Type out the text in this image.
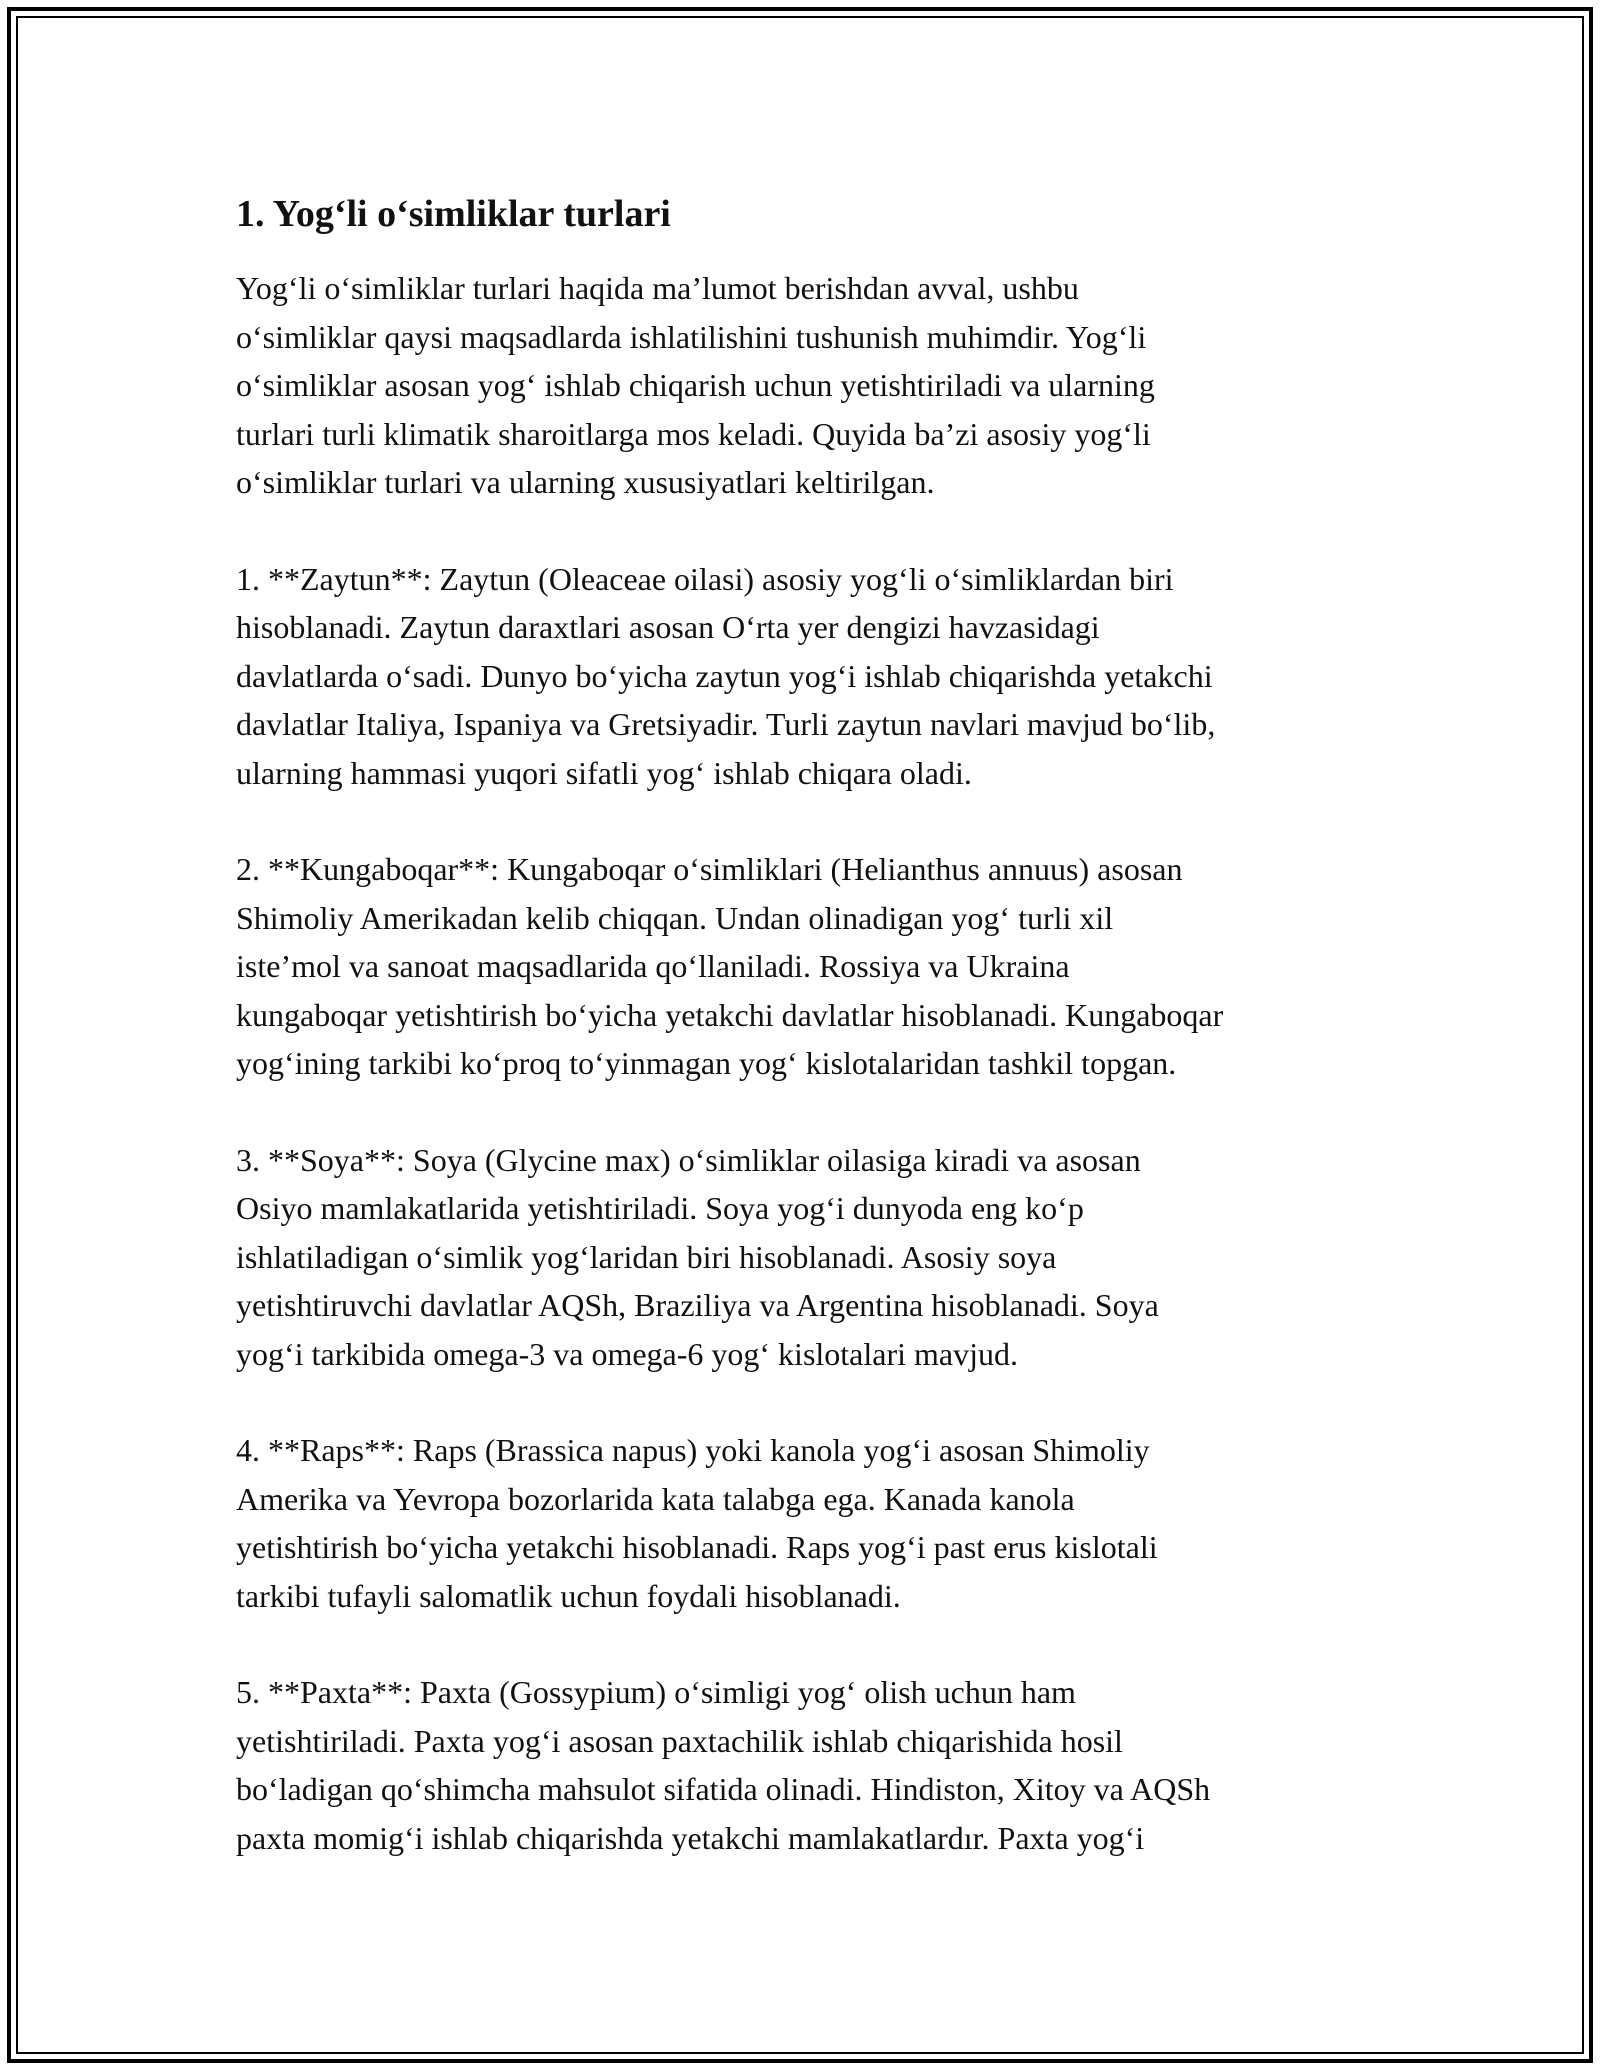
1. Yog‘li o‘simliklar turlari

Yog‘li o‘simliklar turlari haqida ma’lumot berishdan avval, ushbu
o‘simliklar qaysi maqsadlarda ishlatilishini tushunish muhimdir. Yog‘li
o‘simliklar asosan yog‘ ishlab chiqarish uchun yetishtiriladi va ularning
turlari turli klimatik sharoitlarga mos keladi. Quyida ba’zi asosiy yog‘li
o‘simliklar turlari va ularning xususiyatlari keltirilgan.

1. **Zaytun**: Zaytun (Oleaceae oilasi) asosiy yog‘li o‘simliklardan biri
hisoblanadi. Zaytun daraxtlari asosan O‘rta yer dengizi havzasidagi
davlatlarda o‘sadi. Dunyo bo‘yicha zaytun yog‘i ishlab chiqarishda yetakchi
davlatlar Italiya, Ispaniya va Gretsiyadir. Turli zaytun navlari mavjud bo‘lib,
ularning hammasi yuqori sifatli yog‘ ishlab chiqara oladi.

2. **Kungaboqar**: Kungaboqar o‘simliklari (Helianthus annuus) asosan
Shimoliy Amerikadan kelib chiqqan. Undan olinadigan yog‘ turli xil
iste’mol va sanoat maqsadlarida qo‘llaniladi. Rossiya va Ukraina
kungaboqar yetishtirish bo‘yicha yetakchi davlatlar hisoblanadi. Kungaboqar
yog‘ining tarkibi ko‘proq to‘yinmagan yog‘ kislotalaridan tashkil topgan.

3. **Soya**: Soya (Glycine max) o‘simliklar oilasiga kiradi va asosan
Osiyo mamlakatlarida yetishtiriladi. Soya yog‘i dunyoda eng ko‘p
ishlatiladigan o‘simlik yog‘laridan biri hisoblanadi. Asosiy soya
yetishtiruvchi davlatlar AQSh, Braziliya va Argentina hisoblanadi. Soya
yog‘i tarkibida omega-3 va omega-6 yog‘ kislotalari mavjud.

4. **Raps**: Raps (Brassica napus) yoki kanola yog‘i asosan Shimoliy
Amerika va Yevropa bozorlarida kata talabga ega. Kanada kanola
yetishtirish bo‘yicha yetakchi hisoblanadi. Raps yog‘i past erus kislotali
tarkibi tufayli salomatlik uchun foydali hisoblanadi.

5. **Paxta**: Paxta (Gossypium) o‘simligi yog‘ olish uchun ham
yetishtiriladi. Paxta yog‘i asosan paxtachilik ishlab chiqarishida hosil
bo‘ladigan qo‘shimcha mahsulot sifatida olinadi. Hindiston, Xitoy va AQSh
paxta momig‘i ishlab chiqarishda yetakchi mamlakatlardır. Paxta yog‘i
